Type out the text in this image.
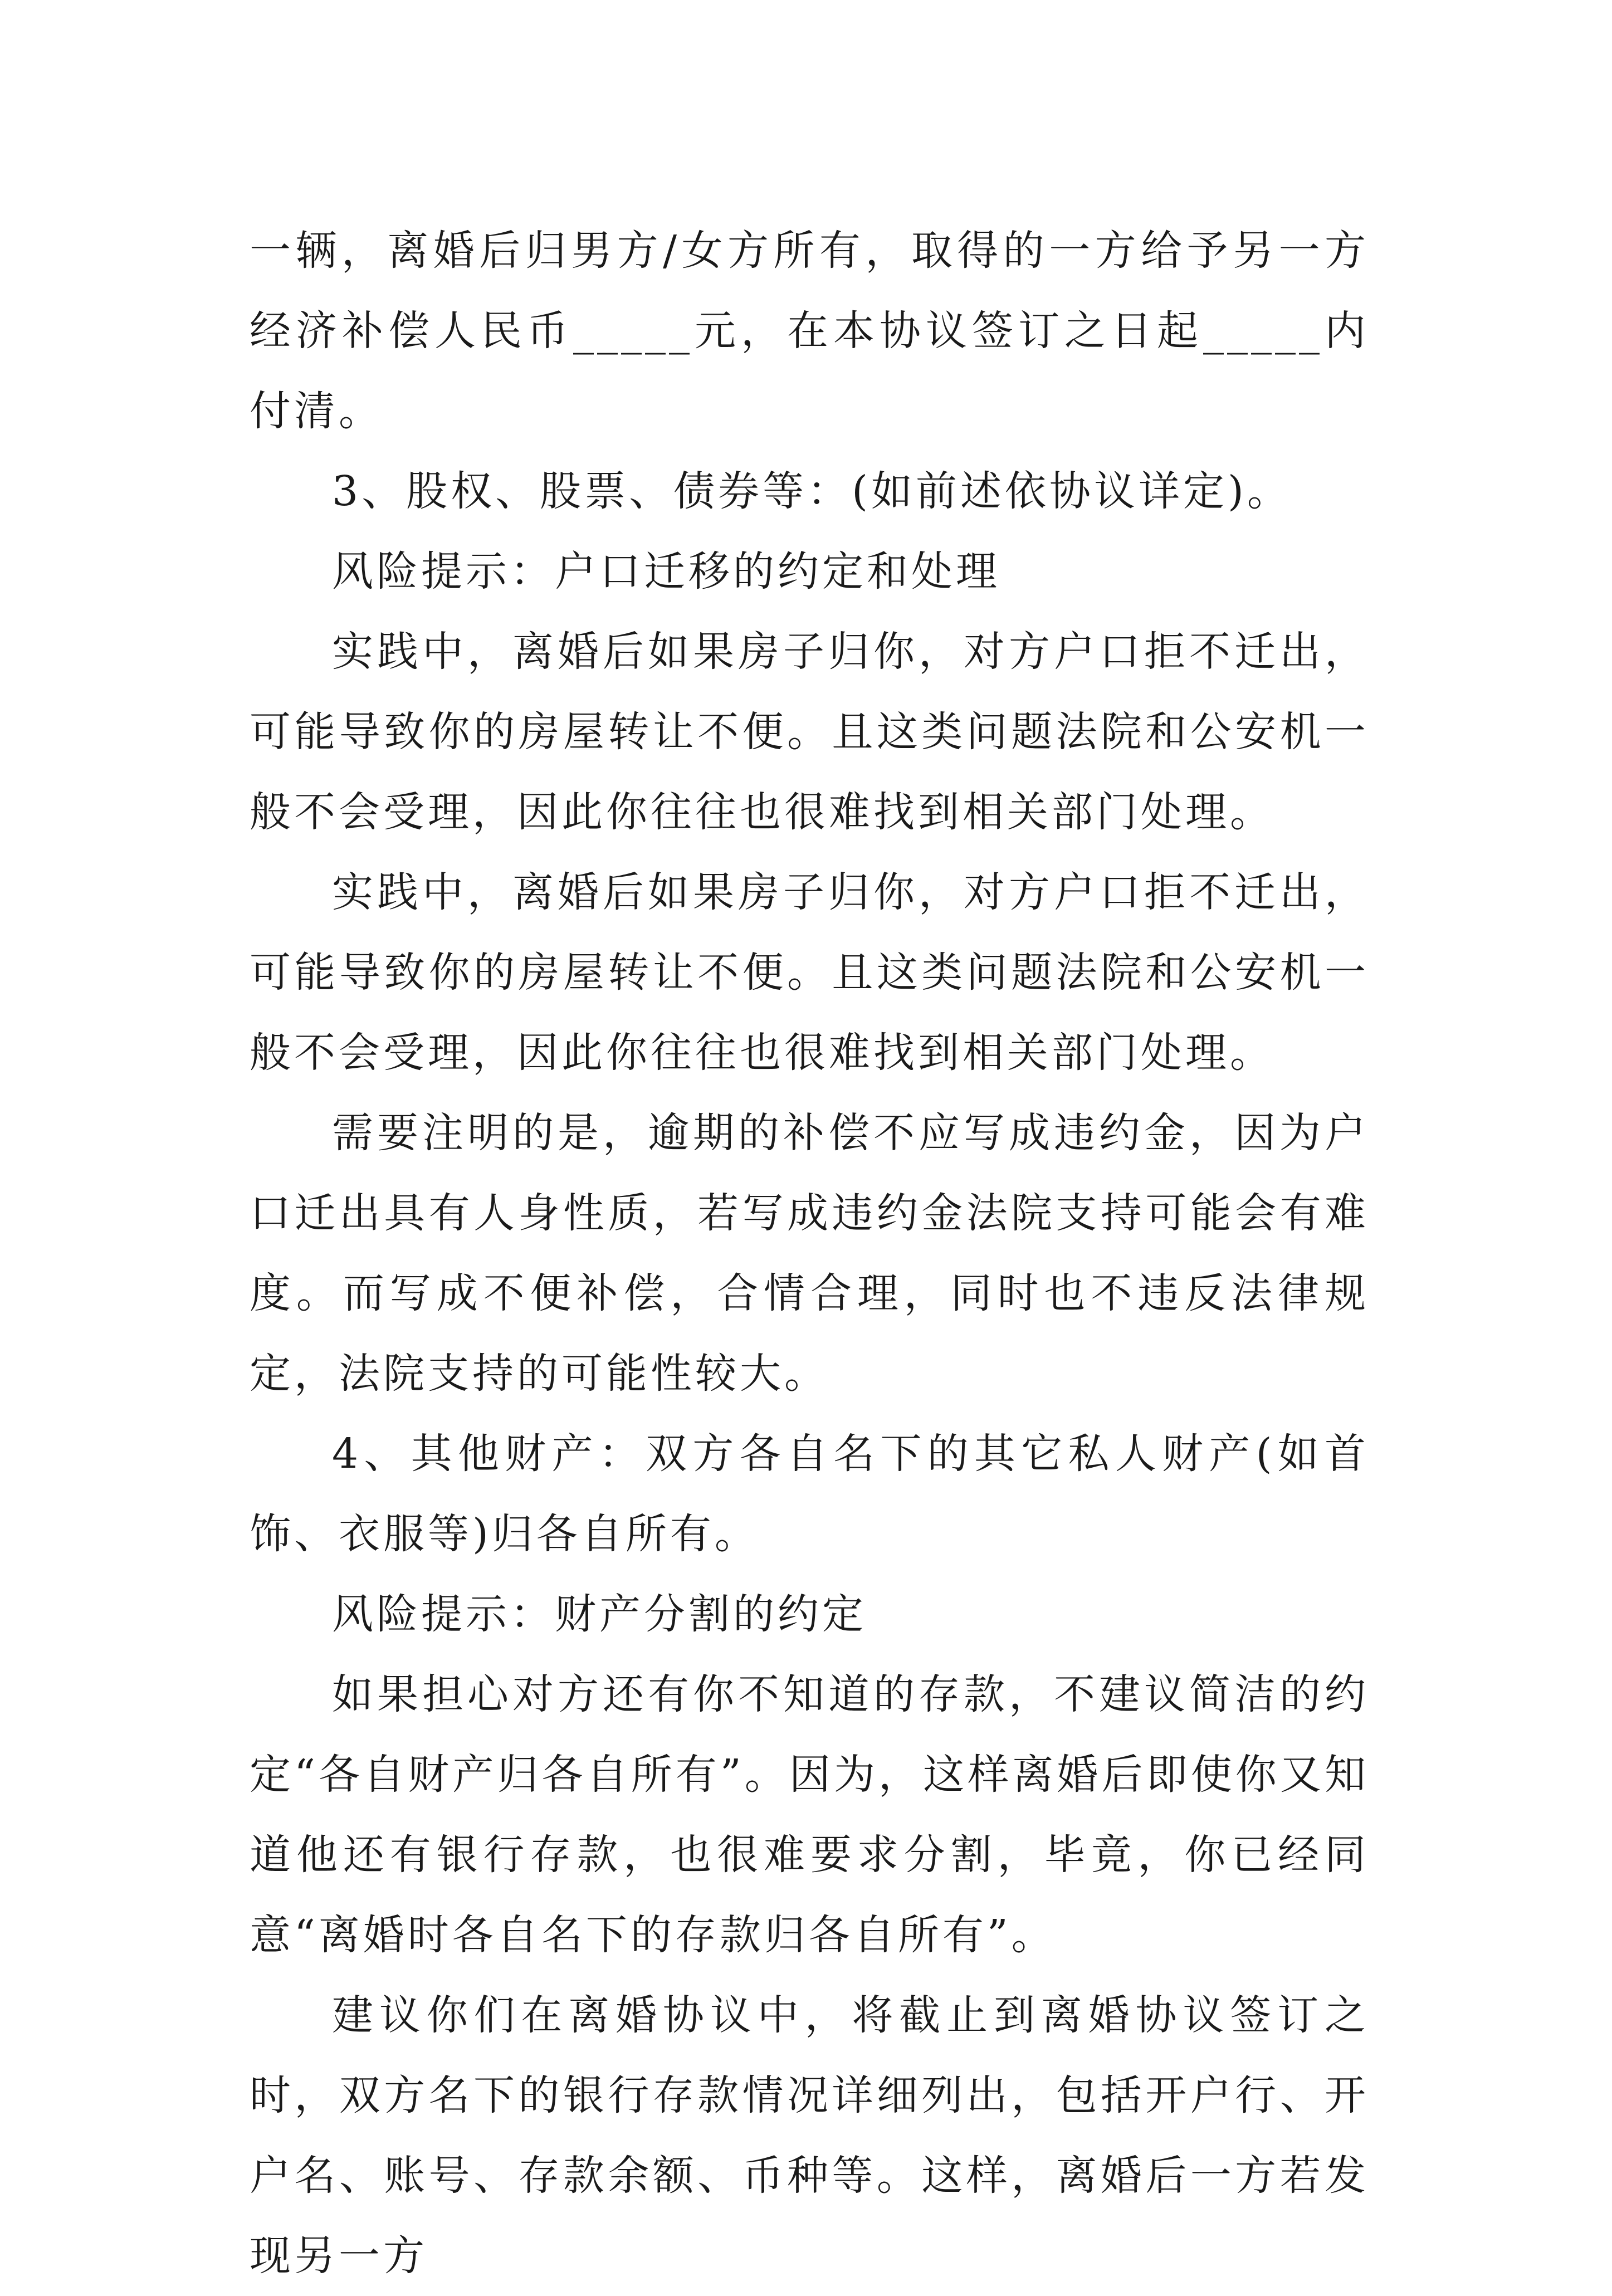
一辆，离婚后归男方/女方所有，取得的一方给予另一方经济补偿人民币_____元，在本协议签订之日起_____内付清。

3、股权、股票、债券等：(如前述依协议详定)。

风险提示：户口迁移的约定和处理

实践中，离婚后如果房子归你，对方户口拒不迁出，可能导致你的房屋转让不便。且这类问题法院和公安机一般不会受理，因此你往往也很难找到相关部门处理。

实践中，离婚后如果房子归你，对方户口拒不迁出，可能导致你的房屋转让不便。且这类问题法院和公安机一般不会受理，因此你往往也很难找到相关部门处理。

需要注明的是，逾期的补偿不应写成违约金，因为户口迁出具有人身性质，若写成违约金法院支持可能会有难度。而写成不便补偿，合情合理，同时也不违反法律规定，法院支持的可能性较大。

4、其他财产：双方各自名下的其它私人财产(如首饰、衣服等)归各自所有。

风险提示：财产分割的约定

如果担心对方还有你不知道的存款，不建议简洁的约定“各自财产归各自所有”。因为，这样离婚后即使你又知道他还有银行存款，也很难要求分割，毕竟，你已经同意“离婚时各自名下的存款归各自所有”。

建议你们在离婚协议中，将截止到离婚协议签订之时，双方名下的银行存款情况详细列出，包括开户行、开户名、账号、存款余额、币种等。这样，离婚后一方若发现另一方
